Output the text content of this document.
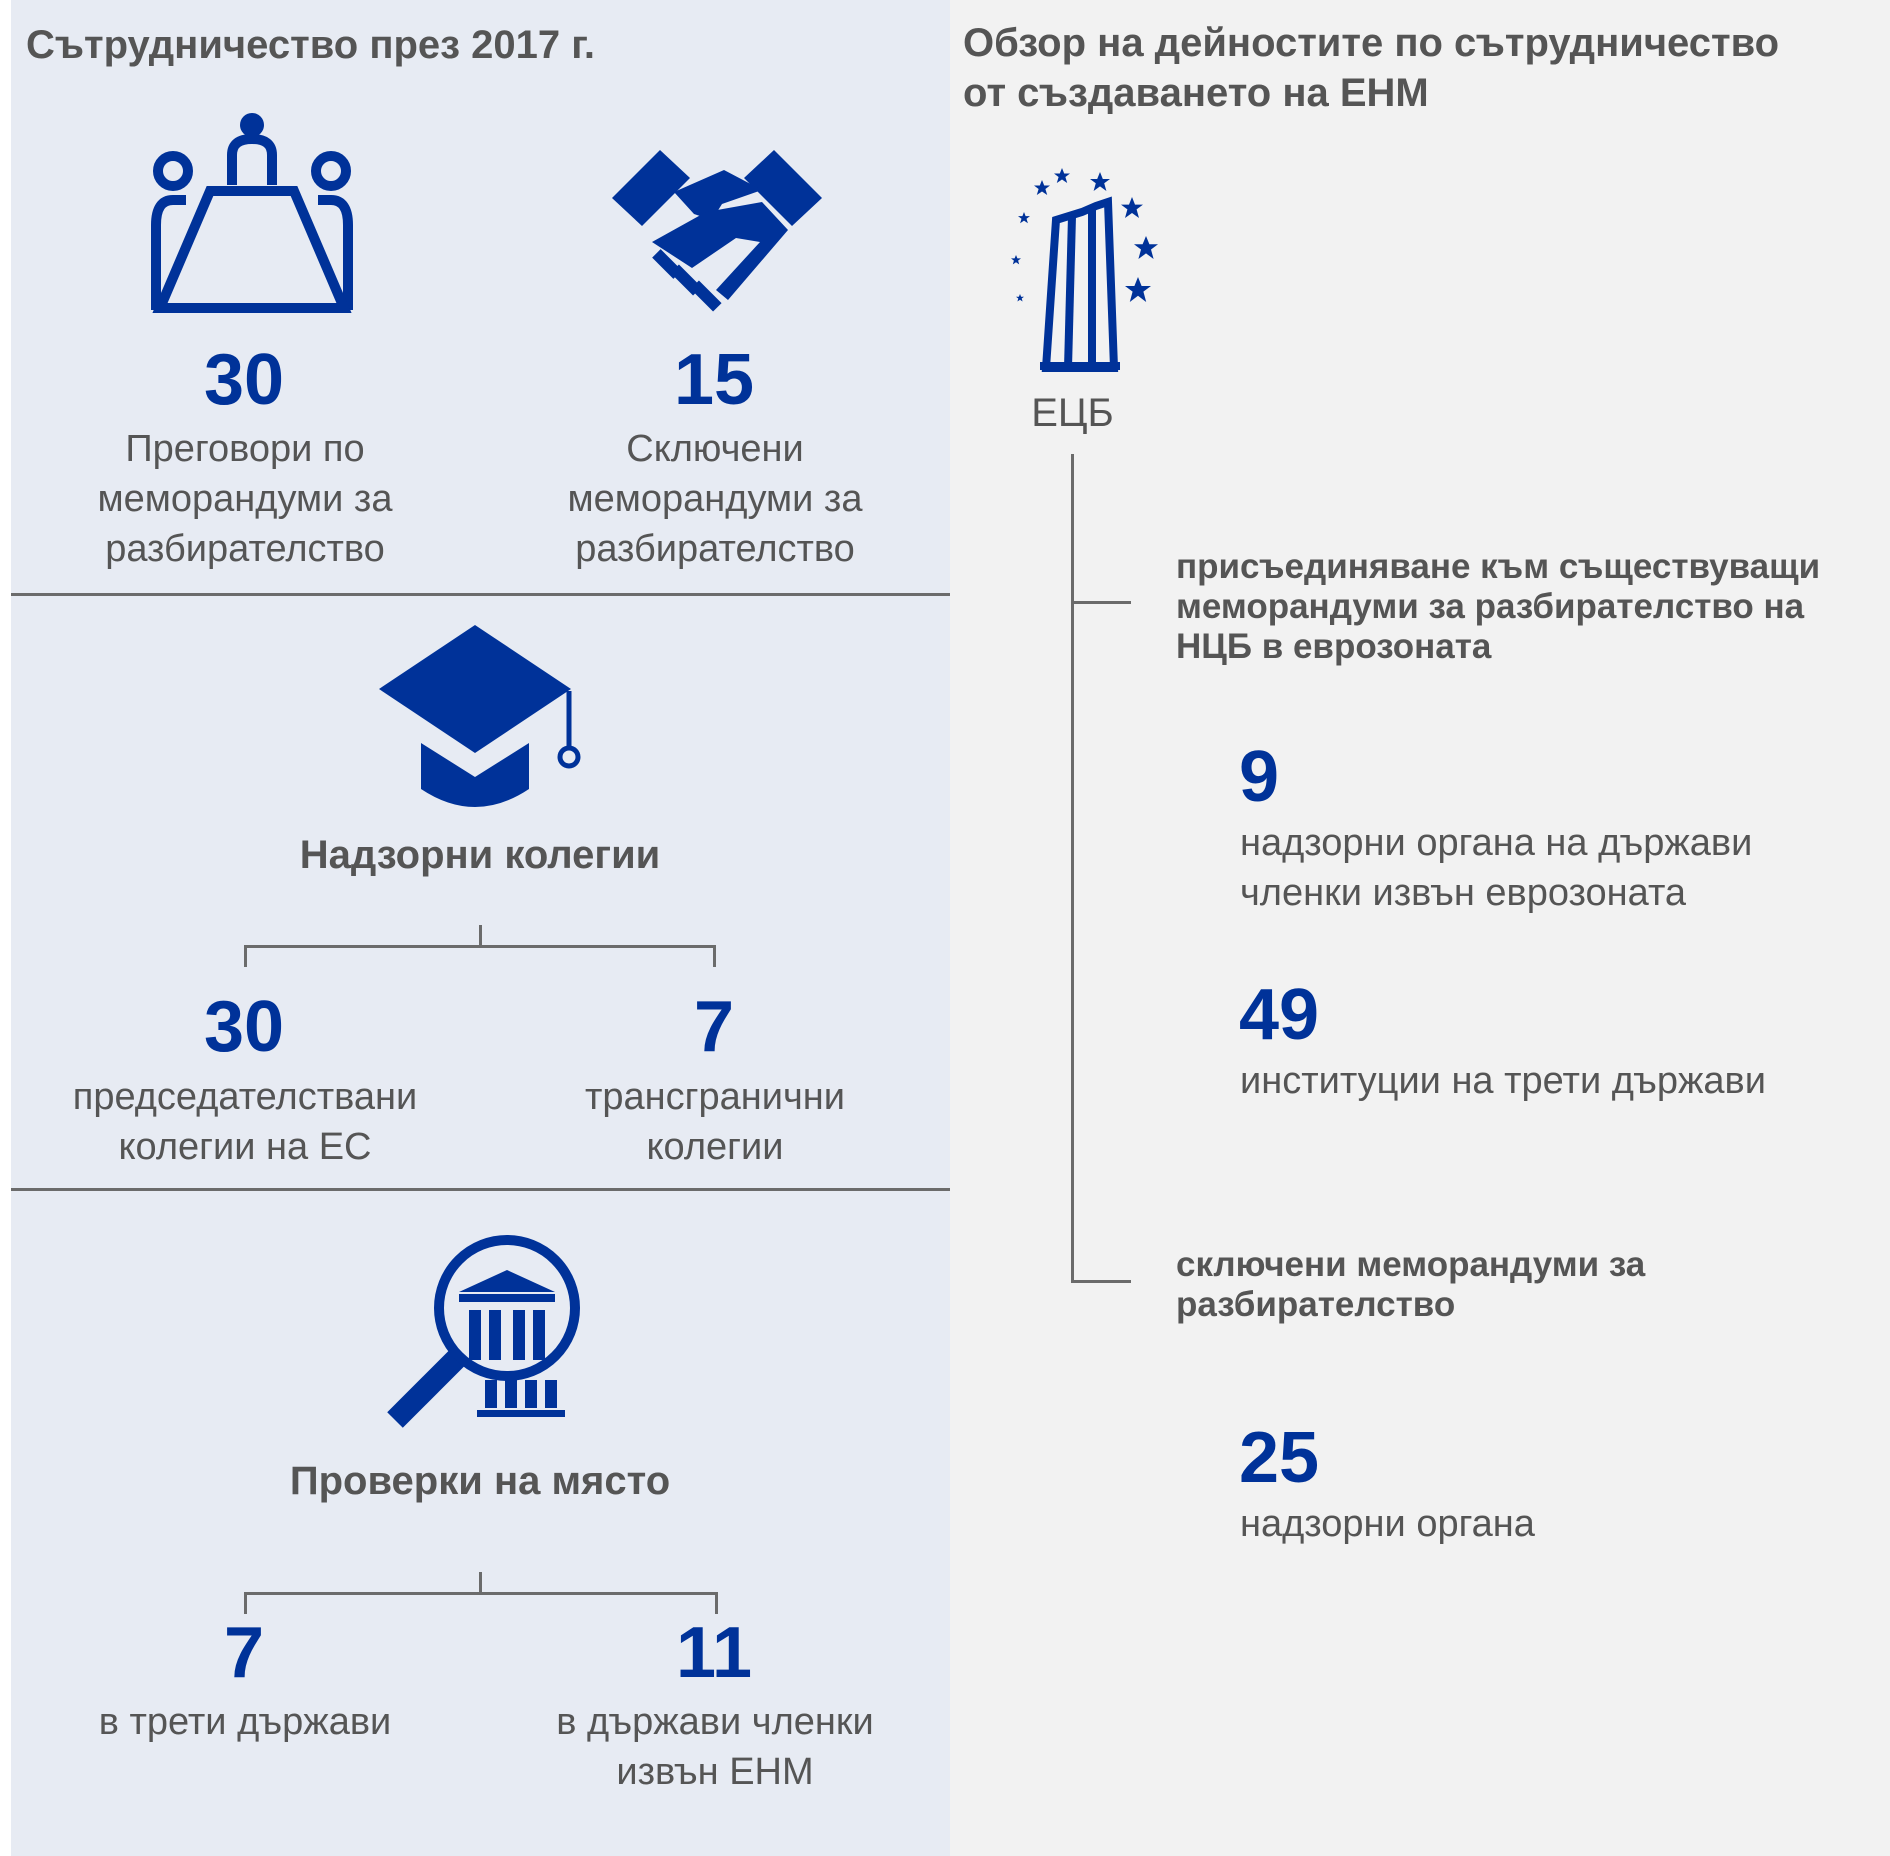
Сътрудничество през 2017 г.
30
Преговори по
меморандуми за
разбирателство
15
Сключени
меморандуми за
разбирателство
Надзорни колегии
30
председателствани
колегии на ЕС
7
трансгранични
колегии
Проверки на място
7
в трети държави
11
в държави членки
извън ЕНМ
Обзор на дейностите по сътрудничество
от създаването на ЕНМ
ЕЦБ
присъединяване към съществуващи
меморандуми за разбирателство на
НЦБ в еврозоната
9
надзорни органа на държави
членки извън еврозоната
49
институции на трети държави
сключени меморандуми за
разбирателство
25
надзорни органа
